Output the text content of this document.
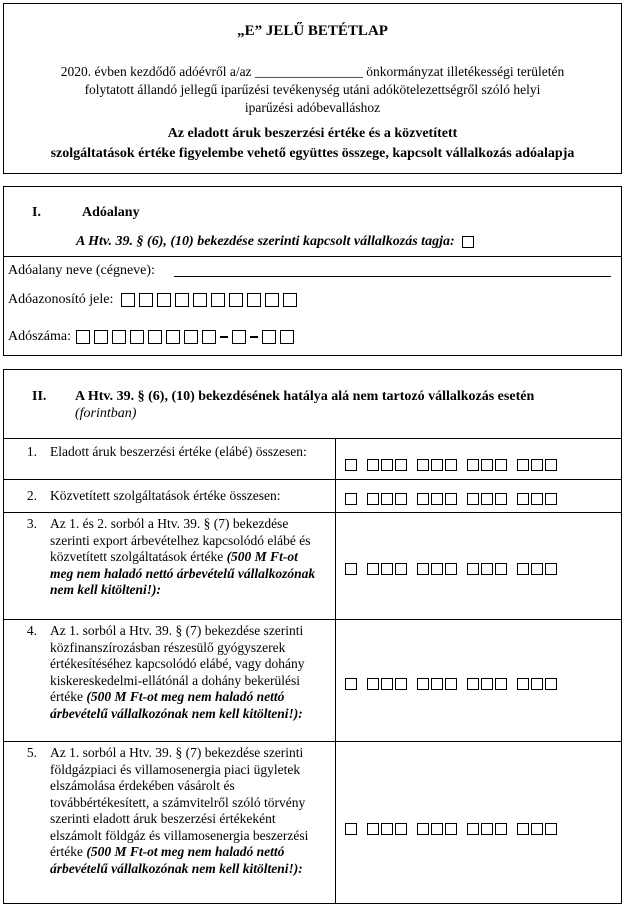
„E” JELŰ BETÉTLAP
2020. évben kezdődő adóévről a/az ________________ önkormányzat illetékességi területén
folytatott állandó jellegű iparűzési tevékenység utáni adókötelezettségről szóló helyi
iparűzési adóbevalláshoz
Az eladott áruk beszerzési értéke és a közvetített
szolgáltatások értéke figyelembe vehető együttes összege, kapcsolt vállalkozás adóalapja
I.	Adóalany
A Htv. 39. § (6), (10) bekezdése szerinti kapcsolt vállalkozás tagja:
Adóalany neve (cégneve):
Adóazonosító jele:
Adószáma:
II. A Htv. 39. § (6), (10) bekezdésének hatálya alá nem tartozó vállalkozás esetén
(forintban)
1. Eladott áruk beszerzési értéke (elábé) összesen:
2. Közvetített szolgáltatások értéke összesen:
3. Az 1. és 2. sorból a Htv. 39. § (7) bekezdése szerinti export árbevételhez kapcsolódó elábé és közvetített szolgáltatások értéke (500 M Ft-ot meg nem haladó nettó árbevételű vállalkozónak nem kell kitölteni!):
4. Az 1. sorból a Htv. 39. § (7) bekezdése szerinti közfinanszírozásban részesülő gyógyszerek értékesítéséhez kapcsolódó elábé, vagy dohány kiskereskedelmi-ellátónál a dohány bekerülési értéke (500 M Ft-ot meg nem haladó nettó árbevételű vállalkozónak nem kell kitölteni!):
5. Az 1. sorból a Htv. 39. § (7) bekezdése szerinti földgázpiaci és villamosenergia piaci ügyletek elszámolása érdekében vásárolt és továbbértékesített, a számvitelről szóló törvény szerinti eladott áruk beszerzési értékeként elszámolt földgáz és villamosenergia beszerzési értéke (500 M Ft-ot meg nem haladó nettó árbevételű vállalkozónak nem kell kitölteni!):
